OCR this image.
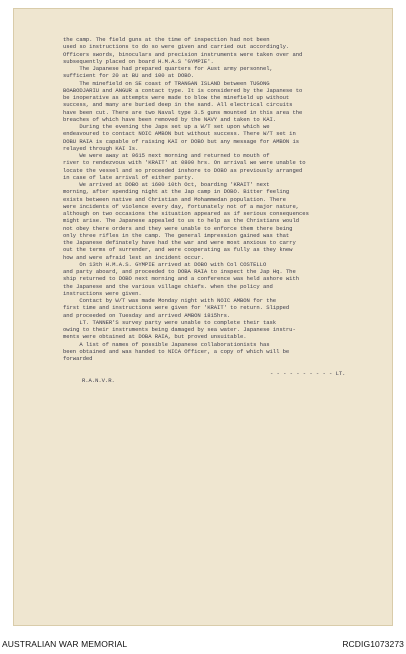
the camp. The field guns at the time of inspection had not been
used so instructions to do so were given and carried out accordingly.
Officers swords, binoculars and precision instruments were taken over and
subsequently placed on board H.M.A.S 'GYMPIE'.
The Japanese had prepared quarters for Aust army personnel,
sufficient for 20 at BU and 100 at DOBO.
The minefield on SE coast of TRANGAN ISLAND between TUGONG
BOABODJARIU and ANGUR a contact type. It is considered by the Japanese to
be inoperative as attempts were made to blow the minefield up without
success, and many are buried deep in the sand. All electrical circuits
have been cut. There are two Naval type 3.5 guns mounted in this area the
breaches of which have been removed by the NAVY and taken to KAI.
During the evening the Japs set up a W/T set upon which we
endeavoured to contact NOIC AMBON but without success. There W/T set in
DOBU RAIA is capable of raising KAI or DOBO but any message for AMBON is
relayed through KAI Is.
We were away at 0615 next morning and returned to mouth of
river to rendezvous with 'KRAIT' at 0800 hrs. On arrival we were unable to
locate the vessel and so proceeded inshore to DOBO as previously arranged
in case of late arrival of either party.
We arrived at DOBO at 1600 10th Oct, boarding 'KRAIT' next
morning, after spending night at the Jap camp in DOBO. Bitter feeling
exists between native and Christian and Mohammedan population. There
were incidents of violence every day, fortunately not of a major nature,
although on two occasions the situation appeared as if serious consequences
might arise. The Japanese appealed to us to help as the Christians would
not obey there orders and they were unable to enforce them there being
only three rifles in the camp. The general impression gained was that
the Japanese definately have had the war and were most anxious to carry
out the terms of surrender, and were cooperating as fully as they knew
how and were afraid lest an incident occur.
On 13th H.M.A.S. GYMPIE arrived at DOBO with Col COSTELLO
and party aboard, and proceeded to DOBA RAIA to inspect the Jap Hq. The
ship returned to DOBO next morning and a conference was held ashore with
the Japanese and the various village chiefs. when the policy and
instructions were given.
Contact by W/T was made Monday night with NOIC AMBON for the
first time and instructions were given for 'KRAIT' to return. Slipped
and proceeded on Tuesday and arrived AMBON 1815hrs.
LT. TANNER'S survey party were unable to complete their task
owing to their instruments being damaged by sea water. Japanese instru-
ments were obtained at DOBA RAIA, but proved unsuitable.
A list of names of possible Japanese collaborationists has
been obtained and was handed to NICA Officer, a copy of which will be
forwarded
- - - - - - - - - - LT.
R.A.N.V.R.
AUSTRALIAN WAR MEMORIAL	RCDIG1073273
